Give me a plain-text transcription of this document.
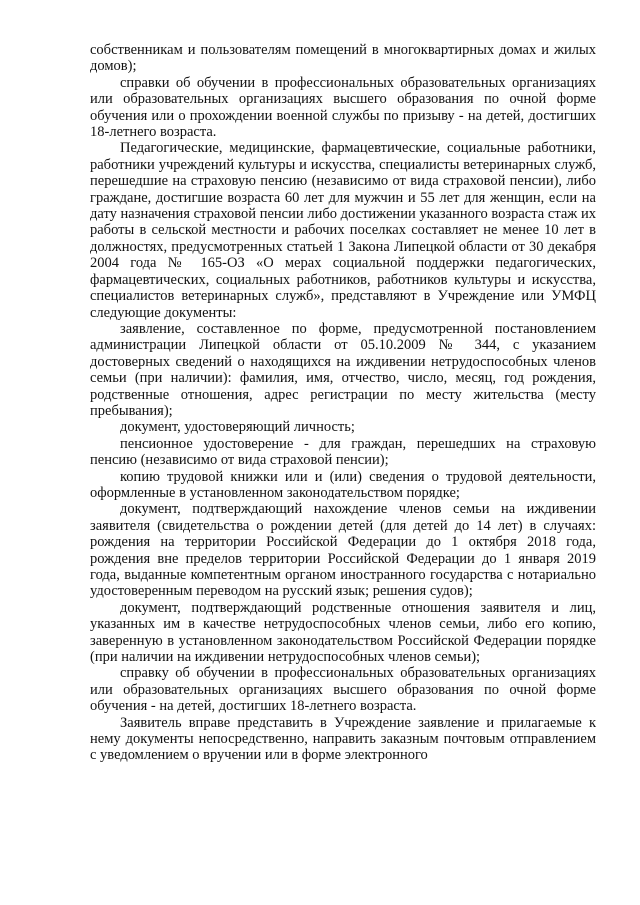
собственникам и пользователям помещений в многоквартирных домах и жилых домов);

справки об обучении в профессиональных образовательных организациях или образовательных организациях высшего образования по очной форме обучения или о прохождении военной службы по призыву - на детей, достигших 18-летнего возраста.

Педагогические, медицинские, фармацевтические, социальные работники, работники учреждений культуры и искусства, специалисты ветеринарных служб, перешедшие на страховую пенсию (независимо от вида страховой пенсии), либо граждане, достигшие возраста 60 лет для мужчин и 55 лет для женщин, если на дату назначения страховой пенсии либо достижении указанного возраста стаж их работы в сельской местности и рабочих поселках составляет не менее 10 лет в должностях, предусмотренных статьей 1 Закона Липецкой области от 30 декабря 2004 года № 165-ОЗ «О мерах социальной поддержки педагогических, фармацевтических, социальных работников, работников культуры и искусства, специалистов ветеринарных служб», представляют в Учреждение или УМФЦ следующие документы:

заявление, составленное по форме, предусмотренной постановлением администрации Липецкой области от 05.10.2009 № 344, с указанием достоверных сведений о находящихся на иждивении нетрудоспособных членов семьи (при наличии): фамилия, имя, отчество, число, месяц, год рождения, родственные отношения, адрес регистрации по месту жительства (месту пребывания);

документ, удостоверяющий личность;

пенсионное удостоверение - для граждан, перешедших на страховую пенсию (независимо от вида страховой пенсии);

копию трудовой книжки или и (или) сведения о трудовой деятельности, оформленные в установленном законодательством порядке;

документ, подтверждающий нахождение членов семьи на иждивении заявителя (свидетельства о рождении детей (для детей до 14 лет) в случаях: рождения на территории Российской Федерации до 1 октября 2018 года, рождения вне пределов территории Российской Федерации до 1 января 2019 года, выданные компетентным органом иностранного государства с нотариально удостоверенным переводом на русский язык; решения судов);

документ, подтверждающий родственные отношения заявителя и лиц, указанных им в качестве нетрудоспособных членов семьи, либо его копию, заверенную в установленном законодательством Российской Федерации порядке (при наличии на иждивении нетрудоспособных членов семьи);

справку об обучении в профессиональных образовательных организациях или образовательных организациях высшего образования по очной форме обучения - на детей, достигших 18-летнего возраста.

Заявитель вправе представить в Учреждение заявление и прилагаемые к нему документы непосредственно, направить заказным почтовым отправлением с уведомлением о вручении или в форме электронного
